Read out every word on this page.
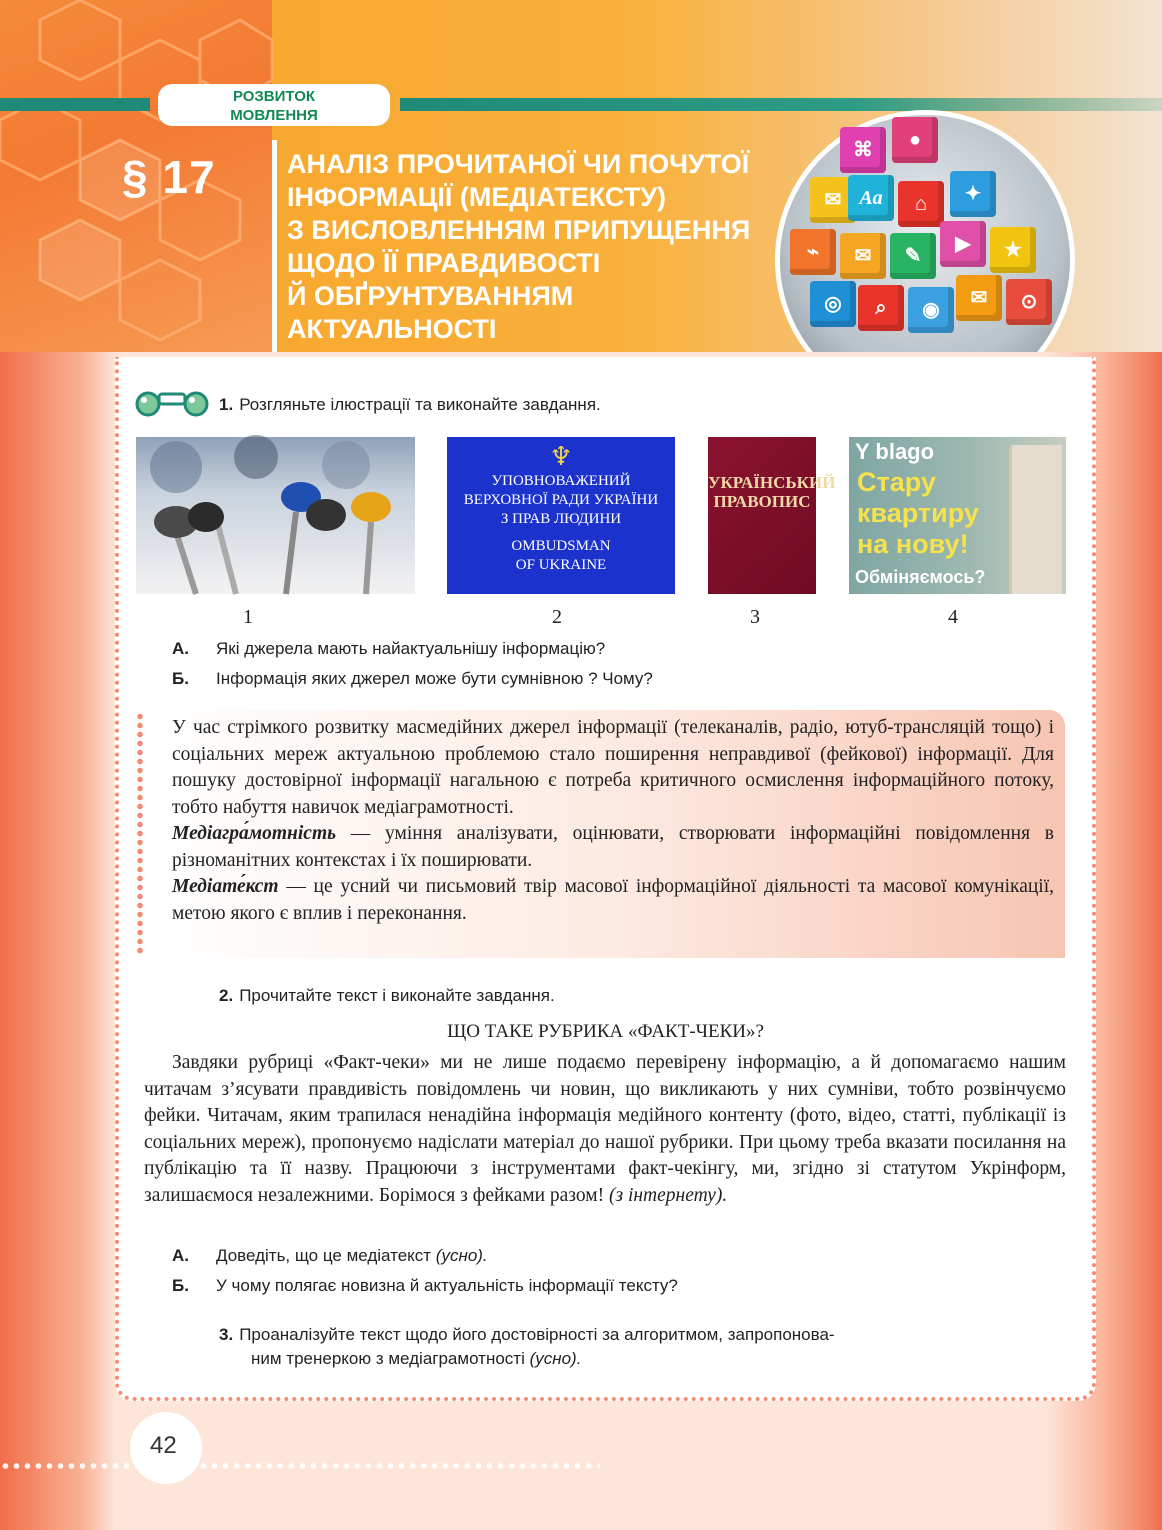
РОЗВИТОК
МОВЛЕННЯ
§ 17	АНАЛІЗ ПРОЧИТАНОЇ ЧИ ПОЧУТОЇ
ІНФОРМАЦІЇ (МЕДІАТЕКСТУ)
З ВИСЛОВЛЕННЯМ ПРИПУЩЕННЯ
ЩОДО ЇЇ ПРАВДИВОСТІ
Й ОБҐРУНТУВАННЯМ
АКТУАЛЬНОСТІ
⌘	●
✉ Aa	⌂	✦
⌁	✉	✎
▶	★
◎	⌕	◉
✉	⊙
1. Розгляньте ілюстрації та виконайте завдання.
♆
УПОВНОВАЖЕНИЙ
ВЕРХОВНОЇ РАДИ УКРАЇНИ
З ПРАВ ЛЮДИНИ
OMBUDSMAN
OF UKRAINE
УКРАЇНСЬКИЙ
ПРАВОПИС
Y blago
Стару
квартиру
на нову!
Обміняємось?
1	2	3	4
А. Які джерела мають найактуальнішу інформацію?
Б. Інформація яких джерел може бути сумнівною ? Чому?

У час стрімкого розвитку масмедійних джерел інформації (телеканалів, радіо, ютуб-трансляцій тощо) і соціальних мереж актуальною проблемою стало поширення неправдивої (фейкової) інформації. Для пошуку достовірної інформації нагальною є потреба критичного осмислення інформаційного потоку, тобто набуття навичок медіаграмотності.

Медіагра́мотність — уміння аналізувати, оцінювати, створювати інформаційні повідомлення в різноманітних контекстах і їх поширювати.

Медіате́кст — це усний чи письмовий твір масової інформаційної діяльності та масової комунікації, метою якого є вплив і переконання.

2. Прочитайте текст і виконайте завдання.
ЩО ТАКЕ РУБРИКА «ФАКТ-ЧЕКИ»?

Завдяки рубриці «Факт-чеки» ми не лише подаємо перевірену інформацію, а й допомагаємо нашим читачам з’ясувати правдивість повідомлень чи новин, що викликають у них сумніви, тобто розвінчуємо фейки. Читачам, яким трапилася ненадійна інформація медійного контенту (фото, відео, статті, публікації із соціальних мереж), пропонуємо надіслати матеріал до нашої рубрики. При цьому треба вказати посилання на публікацію та її назву. Працюючи з інструментами факт-чекінгу, ми, згідно зі статутом Укрінформ, залишаємося незалежними. Борімося з фейками разом! (з інтернету).

А. Доведіть, що це медіатекст (усно).
Б. У чому полягає новизна й актуальність інформації тексту?
3. Проаналізуйте текст щодо його достовірності за алгоритмом, запропонова-
ним тренеркою з медіаграмотності (усно).
42
